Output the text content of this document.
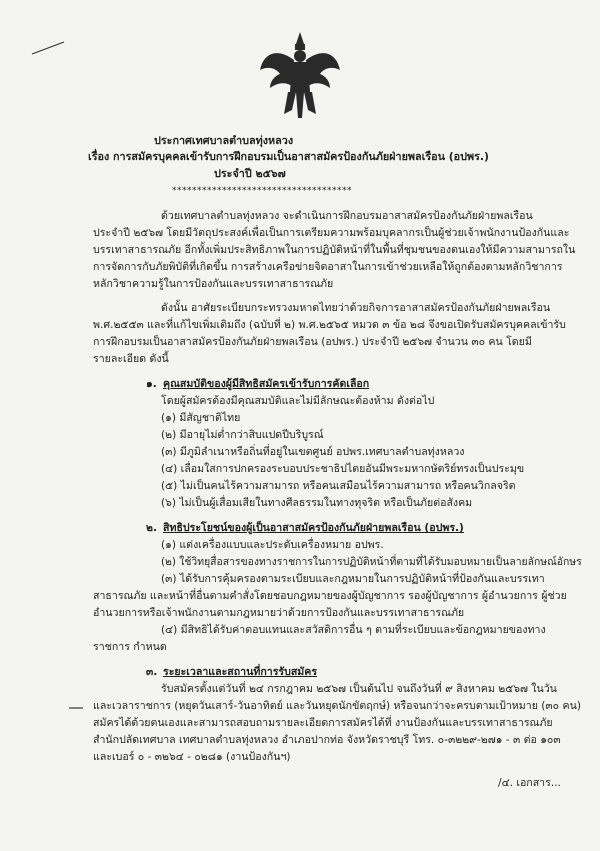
ประกาศเทศบาลตำบลทุ่งหลวง
เรื่อง การสมัครบุคคลเข้ารับการฝึกอบรมเป็นอาสาสมัครป้องกันภัยฝ่ายพลเรือน (อปพร.)
ประจำปี ๒๕๖๗
************************************
ด้วยเทศบาลตำบลทุ่งหลวง จะดำเนินการฝึกอบรมอาสาสมัครป้องกันภัยฝ่ายพลเรือน
ประจำปี ๒๕๖๗ โดยมีวัตถุประสงค์เพื่อเป็นการเตรียมความพร้อมบุคลากรเป็นผู้ช่วยเจ้าพนักงานป้องกันและ
บรรเทาสาธารณภัย อีกทั้งเพิ่มประสิทธิภาพในการปฏิบัติหน้าที่ในพื้นที่ชุมชนของตนเองให้มีความสามารถใน
การจัดการกับภัยพิบัติที่เกิดขึ้น การสร้างเครือข่ายจิตอาสาในการเข้าช่วยเหลือให้ถูกต้องตามหลักวิชาการ
หลักวิชาความรู้ในการป้องกันและบรรเทาสาธารณภัย
ดังนั้น อาศัยระเบียบกระทรวงมหาดไทยว่าด้วยกิจการอาสาสมัครป้องกันภัยฝ่ายพลเรือน
พ.ศ.๒๕๕๓ และที่แก้ไขเพิ่มเติมถึง (ฉบับที่ ๒) พ.ศ.๒๕๖๕ หมวด ๓ ข้อ ๒๘ จึงขอเปิดรับสมัครบุคคลเข้ารับ
การฝึกอบรมเป็นอาสาสมัครป้องกันภัยฝ่ายพลเรือน (อปพร.) ประจำปี ๒๕๖๗ จำนวน ๓๐ คน โดยมี
รายละเอียด ดังนี้
๑. คุณสมบัติของผู้มีสิทธิสมัครเข้ารับการคัดเลือก
โดยผู้สมัครต้องมีคุณสมบัติและไม่มีลักษณะต้องห้าม ดังต่อไป
(๑) มีสัญชาติไทย
(๒) มีอายุไม่ต่ำกว่าสิบแปดปีบริบูรณ์
(๓) มีภูมิลำเนาหรือถิ่นที่อยู่ในเขตศูนย์ อปพร.เทศบาลตำบลทุ่งหลวง
(๔) เลื่อมใสการปกครองระบอบประชาธิปไตยอันมีพระมหากษัตริย์ทรงเป็นประมุข
(๕) ไม่เป็นคนไร้ความสามารถ หรือคนเสมือนไร้ความสามารถ หรือคนวิกลจริต
(๖) ไม่เป็นผู้เสื่อมเสียในทางศีลธรรมในทางทุจริต หรือเป็นภัยต่อสังคม
๒. สิทธิประโยชน์ของผู้เป็นอาสาสมัครป้องกันภัยฝ่ายพลเรือน (อปพร.)
(๑) แต่งเครื่องแบบและประดับเครื่องหมาย อปพร.
(๒) ใช้วิทยุสื่อสารของทางราชการในการปฏิบัติหน้าที่ตามที่ได้รับมอบหมายเป็นลายลักษณ์อักษร
(๓) ได้รับการคุ้มครองตามระเบียบและกฎหมายในการปฏิบัติหน้าที่ป้องกันและบรรเทา
สาธารณภัย และหน้าที่อื่นตามคำสั่งโดยชอบกฎหมายของผู้บัญชาการ รองผู้บัญชาการ ผู้อำนวยการ ผู้ช่วย
อำนวยการหรือเจ้าพนักงานตามกฎหมายว่าด้วยการป้องกันและบรรเทาสาธารณภัย
(๔) มีสิทธิได้รับค่าตอบแทนและสวัสดิการอื่น ๆ ตามที่ระเบียบและข้อกฎหมายของทาง
ราชการ กำหนด
๓. ระยะเวลาและสถานที่การรับสมัคร
รับสมัครตั้งแต่วันที่ ๒๔ กรกฎาคม ๒๕๖๗ เป็นต้นไป จนถึงวันที่ ๙ สิงหาคม ๒๕๖๗ ในวัน
และเวลาราชการ (หยุดวันเสาร์-วันอาทิตย์ และวันหยุดนักขัตฤกษ์) หรือจนกว่าจะครบตามเป้าหมาย (๓๐ คน)
สมัครได้ด้วยตนเองและสามารถสอบถามรายละเอียดการสมัครได้ที่ งานป้องกันและบรรเทาสาธารณภัย
สำนักปลัดเทศบาล เทศบาลตำบลทุ่งหลวง อำเภอปากท่อ จังหวัดราชบุรี โทร. ๐-๓๒๒๙-๒๗๑ - ๓ ต่อ ๑๐๓
และเบอร์ ๐ - ๓๒๖๔ - ๐๒๘๑ (งานป้องกันฯ)
/๔. เอกสาร...
